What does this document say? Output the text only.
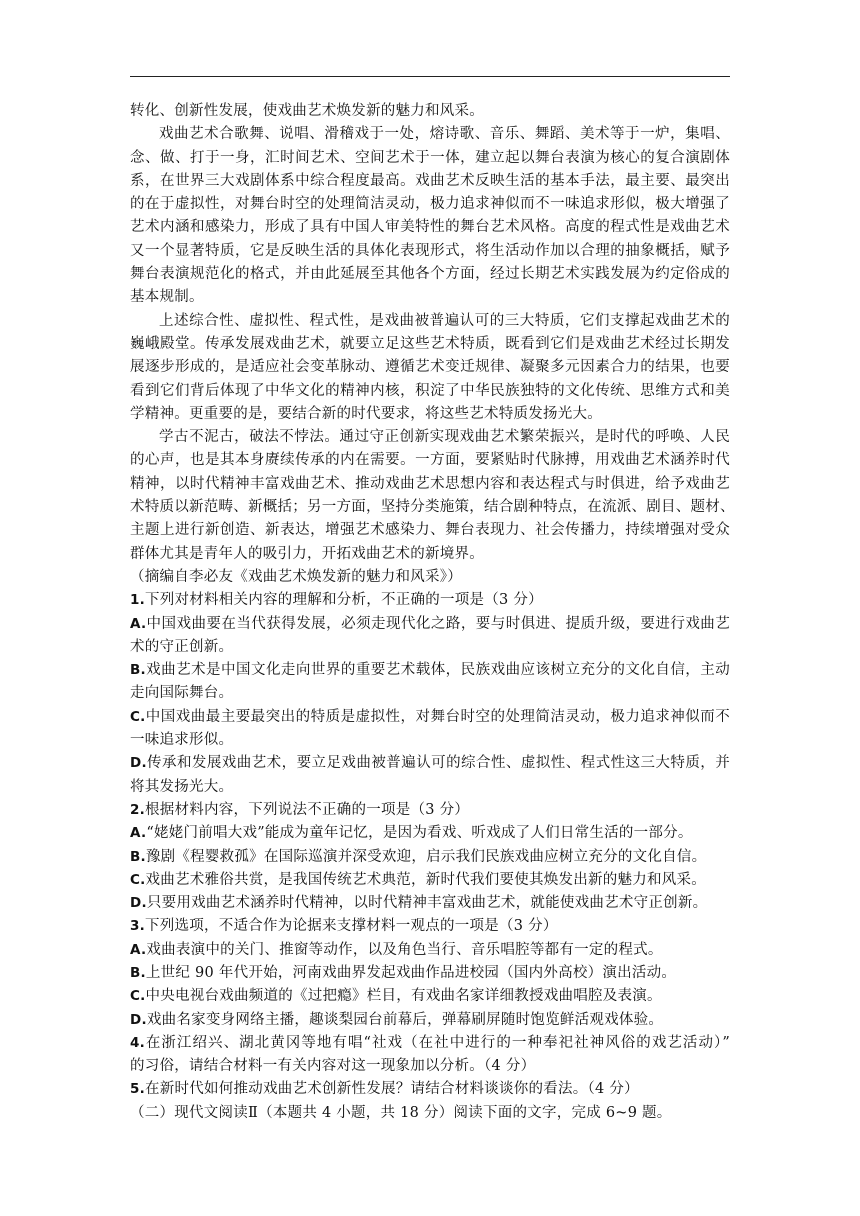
转化、创新性发展，使戏曲艺术焕发新的魅力和风采。
戏曲艺术合歌舞、说唱、滑稽戏于一处，熔诗歌、音乐、舞蹈、美术等于一炉，集唱、
念、做、打于一身，汇时间艺术、空间艺术于一体，建立起以舞台表演为核心的复合演剧体
系，在世界三大戏剧体系中综合程度最高。戏曲艺术反映生活的基本手法，最主要、最突出
的在于虚拟性，对舞台时空的处理简洁灵动，极力追求神似而不一味追求形似，极大增强了
艺术内涵和感染力，形成了具有中国人审美特性的舞台艺术风格。高度的程式性是戏曲艺术
又一个显著特质，它是反映生活的具体化表现形式，将生活动作加以合理的抽象概括，赋予
舞台表演规范化的格式，并由此延展至其他各个方面，经过长期艺术实践发展为约定俗成的
基本规制。
上述综合性、虚拟性、程式性，是戏曲被普遍认可的三大特质，它们支撑起戏曲艺术的
巍峨殿堂。传承发展戏曲艺术，就要立足这些艺术特质，既看到它们是戏曲艺术经过长期发
展逐步形成的，是适应社会变革脉动、遵循艺术变迁规律、凝聚多元因素合力的结果，也要
看到它们背后体现了中华文化的精神内核，积淀了中华民族独特的文化传统、思维方式和美
学精神。更重要的是，要结合新的时代要求，将这些艺术特质发扬光大。
学古不泥古，破法不悖法。通过守正创新实现戏曲艺术繁荣振兴，是时代的呼唤、人民
的心声，也是其本身赓续传承的内在需要。一方面，要紧贴时代脉搏，用戏曲艺术涵养时代
精神，以时代精神丰富戏曲艺术、推动戏曲艺术思想内容和表达程式与时俱进，给予戏曲艺
术特质以新范畴、新概括；另一方面，坚持分类施策，结合剧种特点，在流派、剧目、题材、
主题上进行新创造、新表达，增强艺术感染力、舞台表现力、社会传播力，持续增强对受众
群体尤其是青年人的吸引力，开拓戏曲艺术的新境界。
（摘编自李必友《戏曲艺术焕发新的魅力和风采》）
1.下列对材料相关内容的理解和分析，不正确的一项是（3 分）
A.中国戏曲要在当代获得发展，必须走现代化之路，要与时俱进、提质升级，要进行戏曲艺
术的守正创新。
B.戏曲艺术是中国文化走向世界的重要艺术载体，民族戏曲应该树立充分的文化自信，主动
走向国际舞台。
C.中国戏曲最主要最突出的特质是虚拟性，对舞台时空的处理简洁灵动，极力追求神似而不
一味追求形似。
D.传承和发展戏曲艺术，要立足戏曲被普遍认可的综合性、虚拟性、程式性这三大特质，并
将其发扬光大。
2.根据材料内容，下列说法不正确的一项是（3 分）
A.“姥姥门前唱大戏”能成为童年记忆，是因为看戏、听戏成了人们日常生活的一部分。
B.豫剧《程婴救孤》在国际巡演并深受欢迎，启示我们民族戏曲应树立充分的文化自信。
C.戏曲艺术雅俗共赏，是我国传统艺术典范，新时代我们要使其焕发出新的魅力和风采。
D.只要用戏曲艺术涵养时代精神，以时代精神丰富戏曲艺术，就能使戏曲艺术守正创新。
3.下列选项，不适合作为论据来支撑材料一观点的一项是（3 分）
A.戏曲表演中的关门、推窗等动作，以及角色当行、音乐唱腔等都有一定的程式。
B.上世纪 90 年代开始，河南戏曲界发起戏曲作品进校园（国内外高校）演出活动。
C.中央电视台戏曲频道的《过把瘾》栏目，有戏曲名家详细教授戏曲唱腔及表演。
D.戏曲名家变身网络主播，趣谈梨园台前幕后，弹幕刷屏随时饱览鲜活观戏体验。
4.在浙江绍兴、湖北黄冈等地有唱“社戏（在社中进行的一种奉祀社神风俗的戏艺活动）”
的习俗，请结合材料一有关内容对这一现象加以分析。（4 分）
5.在新时代如何推动戏曲艺术创新性发展？请结合材料谈谈你的看法。（4 分）
（二）现代文阅读Ⅱ（本题共 4 小题，共 18 分）阅读下面的文字，完成 6~9 题。
